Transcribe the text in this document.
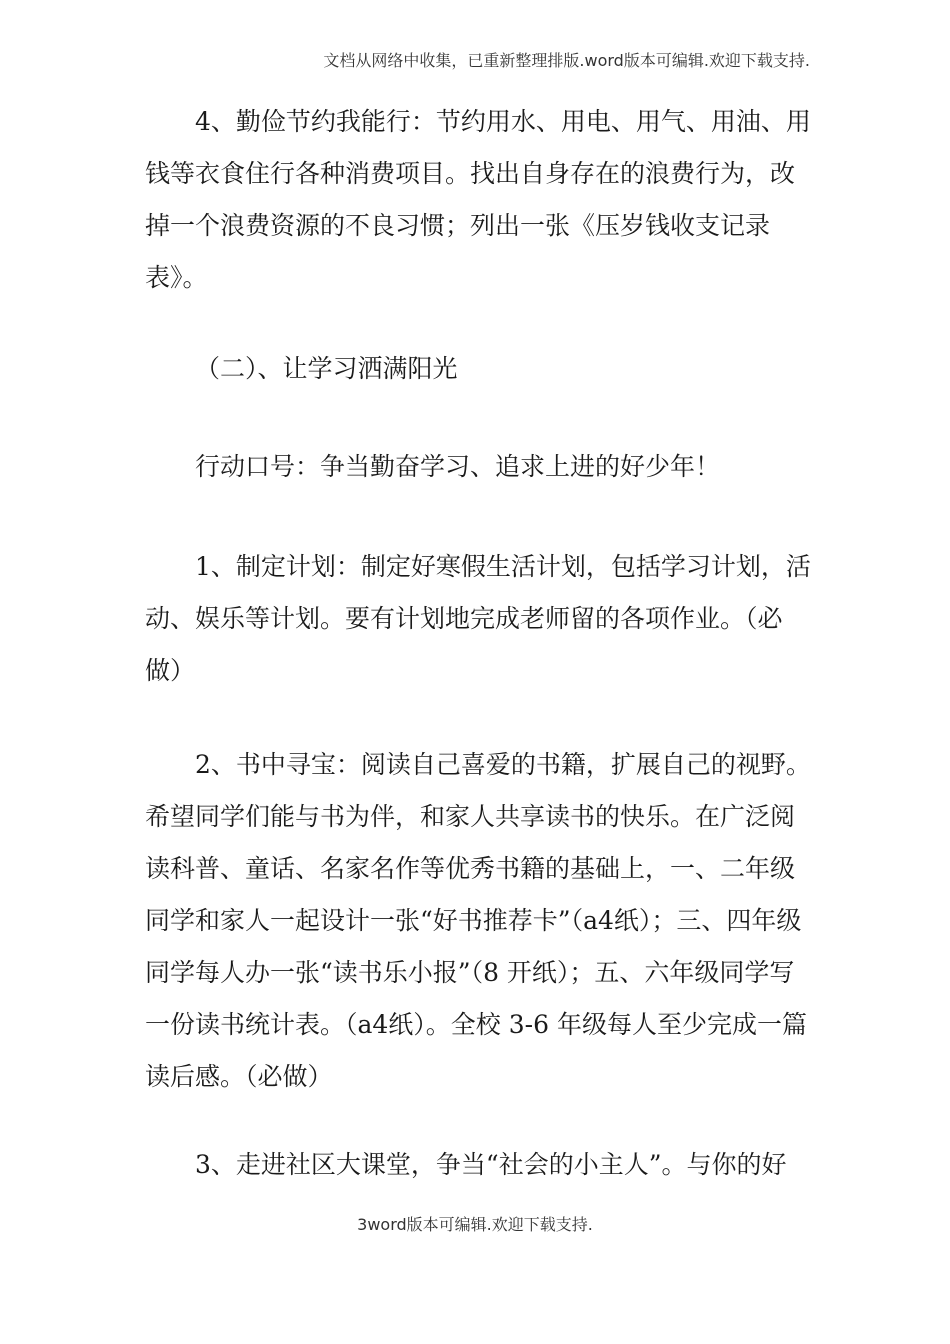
文档从网络中收集，已重新整理排版.word版本可编辑.欢迎下载支持.

4、勤俭节约我能行：节约用水、用电、用气、用油、用钱等衣食住行各种消费项目。找出自身存在的浪费行为，改掉一个浪费资源的不良习惯；列出一张《压岁钱收支记录表》。

（二）、让学习洒满阳光

行动口号：争当勤奋学习、追求上进的好少年！

1、制定计划：制定好寒假生活计划，包括学习计划，活动、娱乐等计划。要有计划地完成老师留的各项作业。（必做）

2、书中寻宝：阅读自己喜爱的书籍，扩展自己的视野。希望同学们能与书为伴，和家人共享读书的快乐。在广泛阅读科普、童话、名家名作等优秀书籍的基础上，一、二年级同学和家人一起设计一张“好书推荐卡”（a4纸）；三、四年级同学每人办一张“读书乐小报”（8 开纸）；五、六年级同学写一份读书统计表。（a4纸）。全校 3-6 年级每人至少完成一篇读后感。（必做）

3、走进社区大课堂，争当“社会的小主人”。与你的好

3word版本可编辑.欢迎下载支持.
